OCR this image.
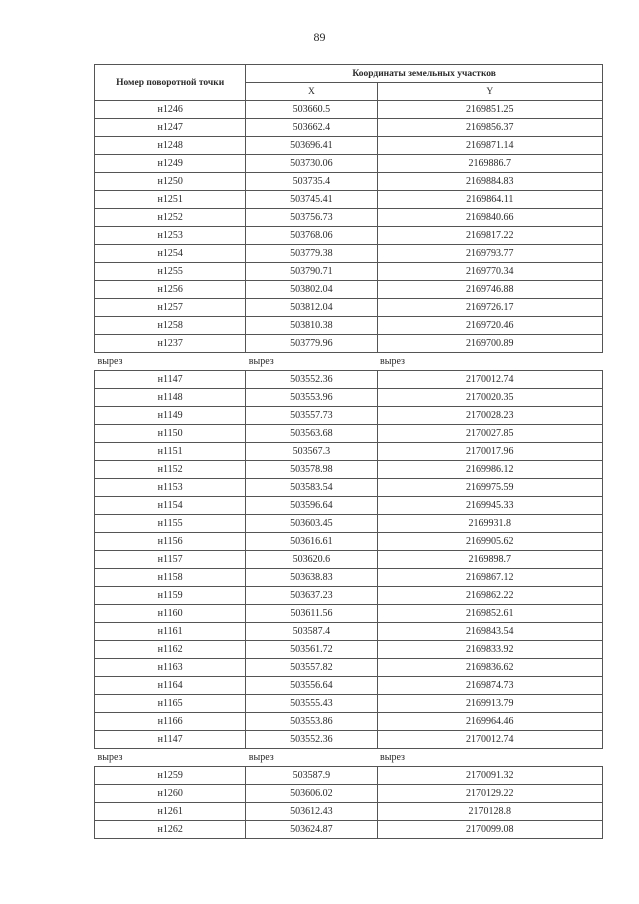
89
Номер поворотной точки	Координаты земельных участков	
	X	Y
н1246	503660.5	2169851.25
н1247	503662.4	2169856.37
н1248	503696.41	2169871.14
н1249	503730.06	2169886.7
н1250	503735.4	2169884.83
н1251	503745.41	2169864.11
н1252	503756.73	2169840.66
н1253	503768.06	2169817.22
н1254	503779.38	2169793.77
н1255	503790.71	2169770.34
н1256	503802.04	2169746.88
н1257	503812.04	2169726.17
н1258	503810.38	2169720.46
н1237	503779.96	2169700.89
вырез	вырез	вырез
н1147	503552.36	2170012.74
н1148	503553.96	2170020.35
н1149	503557.73	2170028.23
н1150	503563.68	2170027.85
н1151	503567.3	2170017.96
н1152	503578.98	2169986.12
н1153	503583.54	2169975.59
н1154	503596.64	2169945.33
н1155	503603.45	2169931.8
н1156	503616.61	2169905.62
н1157	503620.6	2169898.7
н1158	503638.83	2169867.12
н1159	503637.23	2169862.22
н1160	503611.56	2169852.61
н1161	503587.4	2169843.54
н1162	503561.72	2169833.92
н1163	503557.82	2169836.62
н1164	503556.64	2169874.73
н1165	503555.43	2169913.79
н1166	503553.86	2169964.46
н1147	503552.36	2170012.74
вырез	вырез	вырез
н1259	503587.9	2170091.32
н1260	503606.02	2170129.22
н1261	503612.43	2170128.8
н1262	503624.87	2170099.08
